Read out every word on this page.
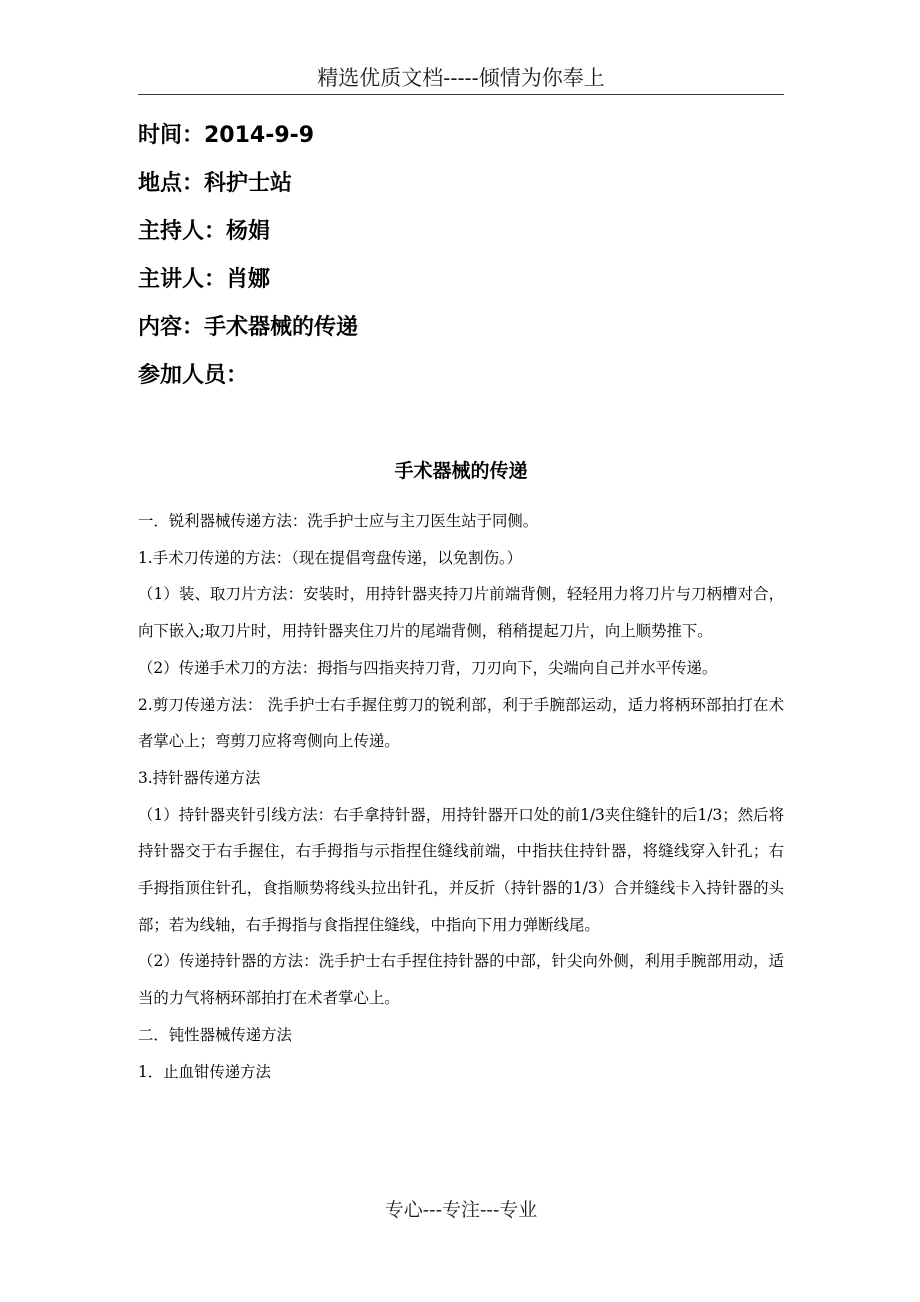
精选优质文档-----倾情为你奉上
时间：2014-9-9
地点：科护士站
主持人：杨娟
主讲人：肖娜
内容：手术器械的传递
参加人员：
手术器械的传递
一．锐利器械传递方法：洗手护士应与主刀医生站于同侧。
1.手术刀传递的方法：（现在提倡弯盘传递，以免割伤。）
（1）装、取刀片方法：安装时，用持针器夹持刀片前端背侧，轻轻用力将刀片与刀柄槽对合，向下嵌入;取刀片时，用持针器夹住刀片的尾端背侧，稍稍提起刀片，向上顺势推下。
（2）传递手术刀的方法：拇指与四指夹持刀背，刀刃向下，尖端向自己并水平传递。
2.剪刀传递方法： 洗手护士右手握住剪刀的锐利部，利于手腕部运动，适力将柄环部拍打在术者掌心上；弯剪刀应将弯侧向上传递。
3.持针器传递方法
（1）持针器夹针引线方法：右手拿持针器，用持针器开口处的前1/3夹住缝针的后1/3；然后将持针器交于右手握住，右手拇指与示指捏住缝线前端，中指扶住持针器，将缝线穿入针孔；右手拇指顶住针孔，食指顺势将线头拉出针孔，并反折（持针器的1/3）合并缝线卡入持针器的头部；若为线轴，右手拇指与食指捏住缝线，中指向下用力弹断线尾。
（2）传递持针器的方法：洗手护士右手捏住持针器的中部，针尖向外侧，利用手腕部用动，适当的力气将柄环部拍打在术者掌心上。
二．钝性器械传递方法
1．止血钳传递方法
专心---专注---专业
